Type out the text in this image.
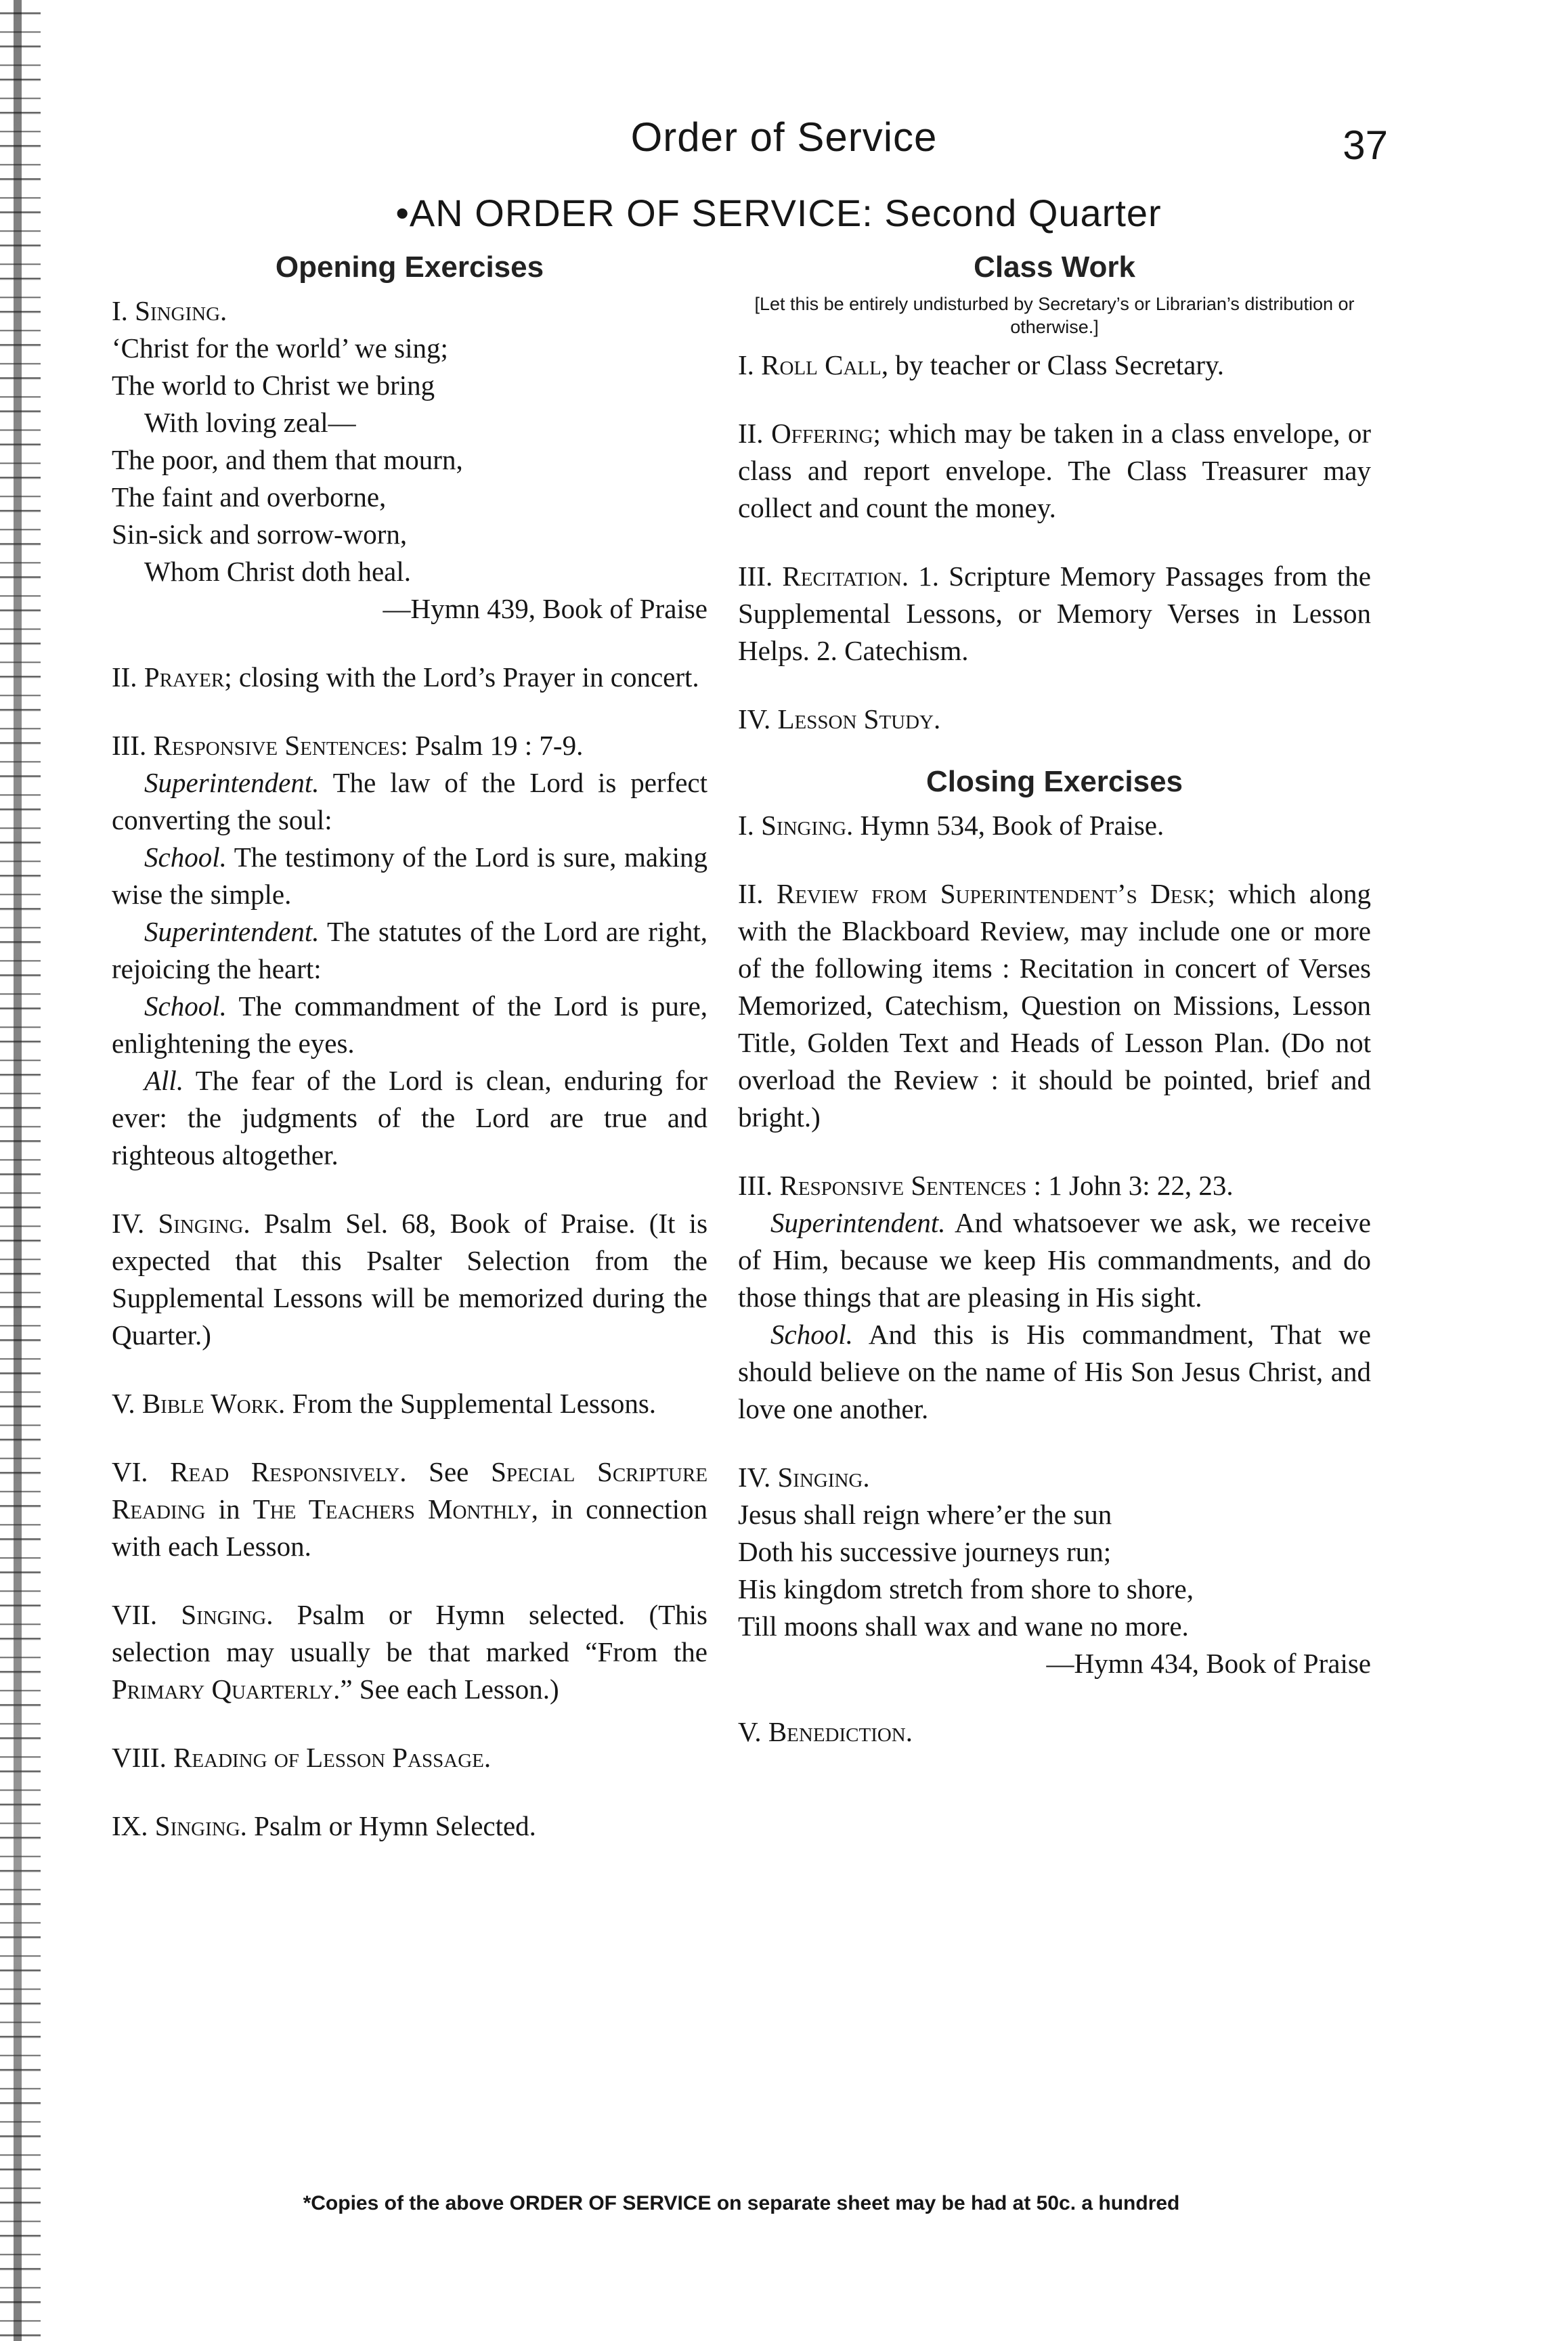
Order of Service	37
•AN ORDER OF SERVICE: Second Quarter
Opening Exercises

I. Singing.

‘Christ for the world’ we sing;
The world to Christ we bring
With loving zeal—
The poor, and them that mourn,
The faint and overborne,
Sin-sick and sorrow-worn,
Whom Christ doth heal.
—Hymn 439, Book of Praise

II. Prayer; closing with the Lord’s Prayer in concert.

III. Responsive Sentences: Psalm 19 : 7-9.

Superintendent. The law of the Lord is perfect converting the soul:

School. The testimony of the Lord is sure, making wise the simple.

Superintendent. The statutes of the Lord are right, rejoicing the heart:

School. The commandment of the Lord is pure, enlightening the eyes.

All. The fear of the Lord is clean, enduring for ever: the judgments of the Lord are true and righteous altogether.

IV. Singing. Psalm Sel. 68, Book of Praise. (It is expected that this Psalter Selection from the Supplemental Lessons will be memorized during the Quarter.)

V. Bible Work. From the Supplemental Lessons.

VI. Read Responsively. See Special Scripture Reading in The Teachers Monthly, in connection with each Lesson.

VII. Singing. Psalm or Hymn selected. (This selection may usually be that marked “From the Primary Quarterly.” See each Lesson.)

VIII. Reading of Lesson Passage.

IX. Singing. Psalm or Hymn Selected.

Class Work
[Let this be entirely undisturbed by Secretary’s or Librarian’s distribution or otherwise.]

I. Roll Call, by teacher or Class Secretary.

II. Offering; which may be taken in a class envelope, or class and report envelope. The Class Treasurer may collect and count the money.

III. Recitation. 1. Scripture Memory Passages from the Supplemental Lessons, or Memory Verses in Lesson Helps. 2. Catechism.

IV. Lesson Study.

Closing Exercises

I. Singing. Hymn 534, Book of Praise.

II. Review from Superintendent’s Desk; which along with the Blackboard Review, may include one or more of the following items : Recitation in concert of Verses Memorized, Catechism, Question on Missions, Lesson Title, Golden Text and Heads of Lesson Plan. (Do not overload the Review : it should be pointed, brief and bright.)

III. Responsive Sentences : 1 John 3: 22, 23.

Superintendent. And whatsoever we ask, we receive of Him, because we keep His commandments, and do those things that are pleasing in His sight.

School. And this is His commandment, That we should believe on the name of His Son Jesus Christ, and love one another.

IV. Singing.

Jesus shall reign where’er the sun
Doth his successive journeys run;
His kingdom stretch from shore to shore,
Till moons shall wax and wane no more.
—Hymn 434, Book of Praise

V. Benediction.

*Copies of the above ORDER OF SERVICE on separate sheet may be had at 50c. a hundred
